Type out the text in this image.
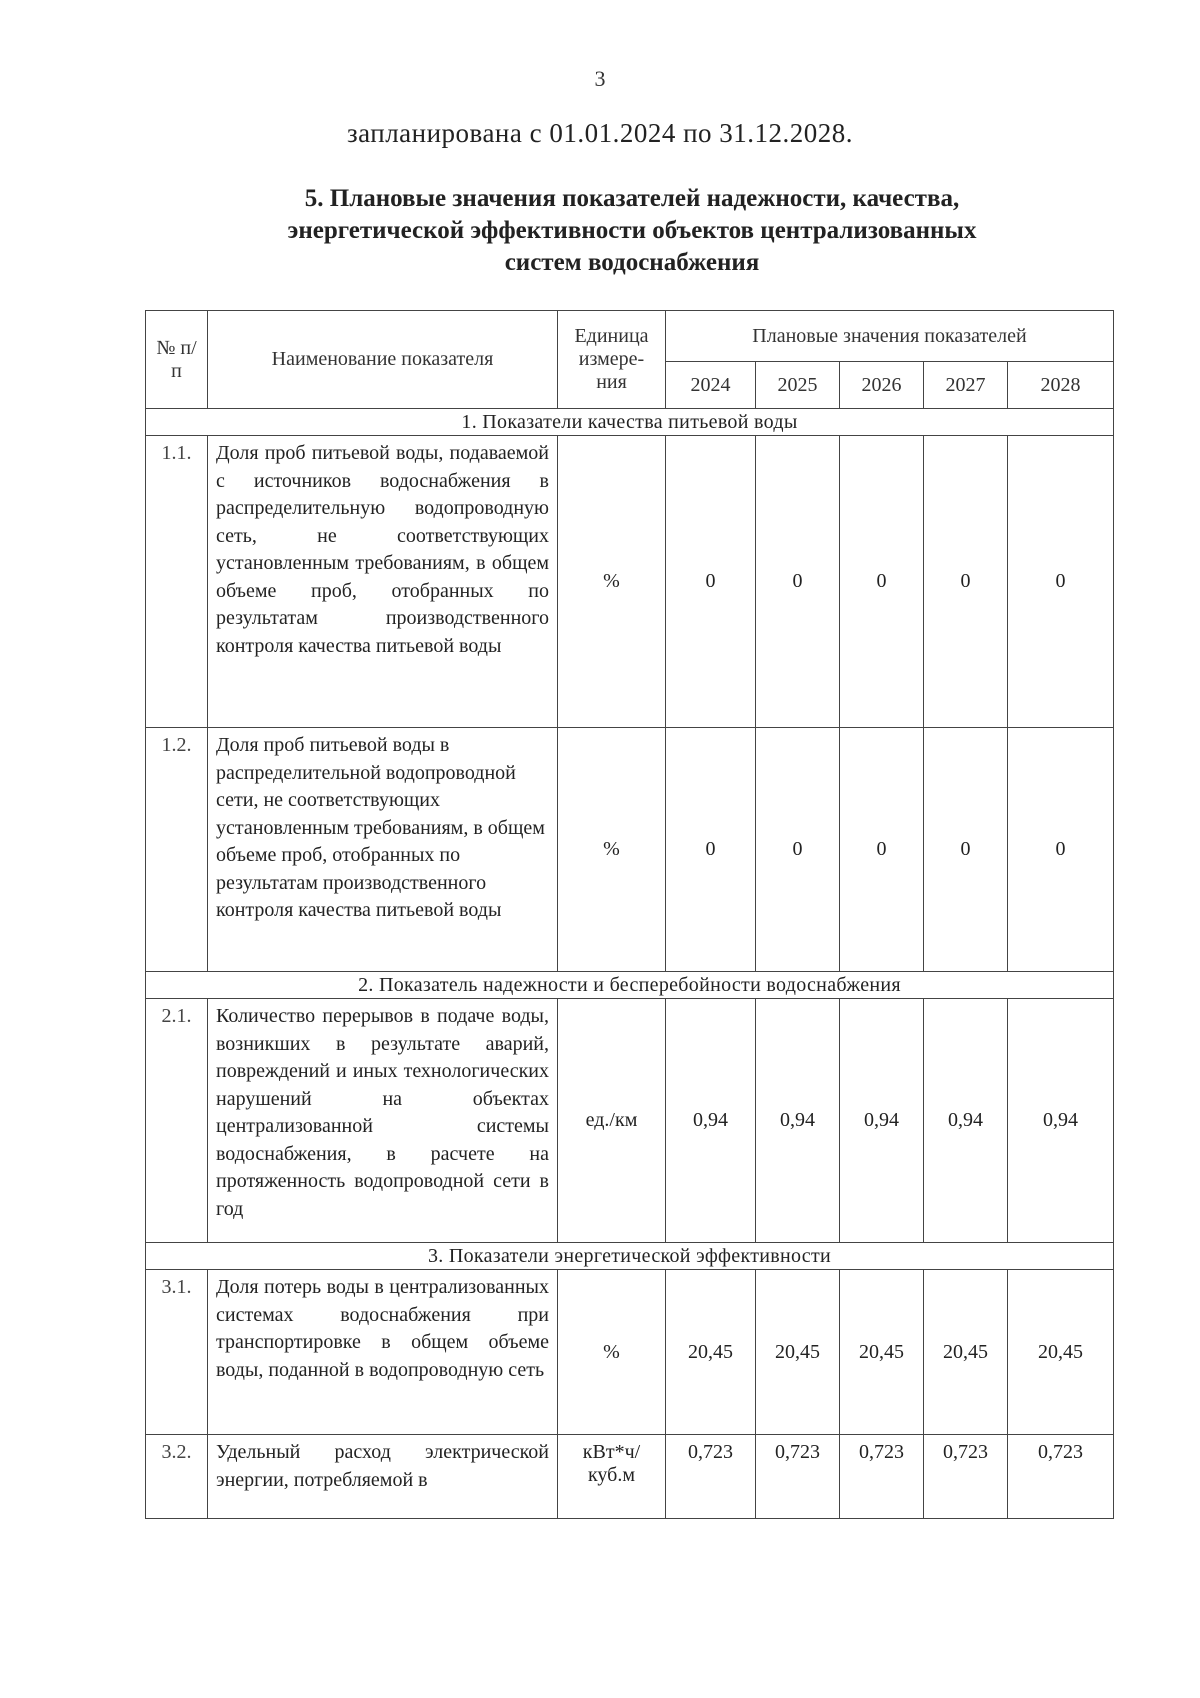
3
запланирована с 01.01.2024 по 31.12.2028.
5. Плановые значения показателей надежности, качества,
энергетической эффективности объектов централизованных
систем водоснабжения
№ п/п	Наименование показателя	Единица измере-ния	Плановые значения показателей				
			2024	2025	2026	2027	2028
1. Показатели качества питьевой воды							
1.1.	Доля проб питьевой воды, подаваемой с источников водоснабжения в распределительную водопроводную сеть, не соответствующих установленным требованиям, в общем объеме проб, отобранных по результатам производственного контроля качества питьевой воды	%	0	0	0	0	0
1.2.	Доля проб питьевой воды в распределительной водопроводной сети, не соответствующих установленным требованиям, в общем объеме проб, отобранных по результатам производственного контроля качества питьевой воды	%	0	0	0	0	0
2. Показатель надежности и бесперебойности водоснабжения							
2.1.	Количество перерывов в подаче воды, возникших в результате аварий, повреждений и иных технологических нарушений на объектах централизованной системы водоснабжения, в расчете на протяженность водопроводной сети в год	ед./км	0,94	0,94	0,94	0,94	0,94
3. Показатели энергетической эффективности							
3.1.	Доля потерь воды в централизованных системах водоснабжения при транспортировке в общем объеме воды, поданной в водопроводную сеть	%	20,45	20,45	20,45	20,45	20,45
3.2.	Удельный расход электрической энергии, потребляемой в	кВт*ч/ куб.м	0,723	0,723	0,723	0,723	0,723
